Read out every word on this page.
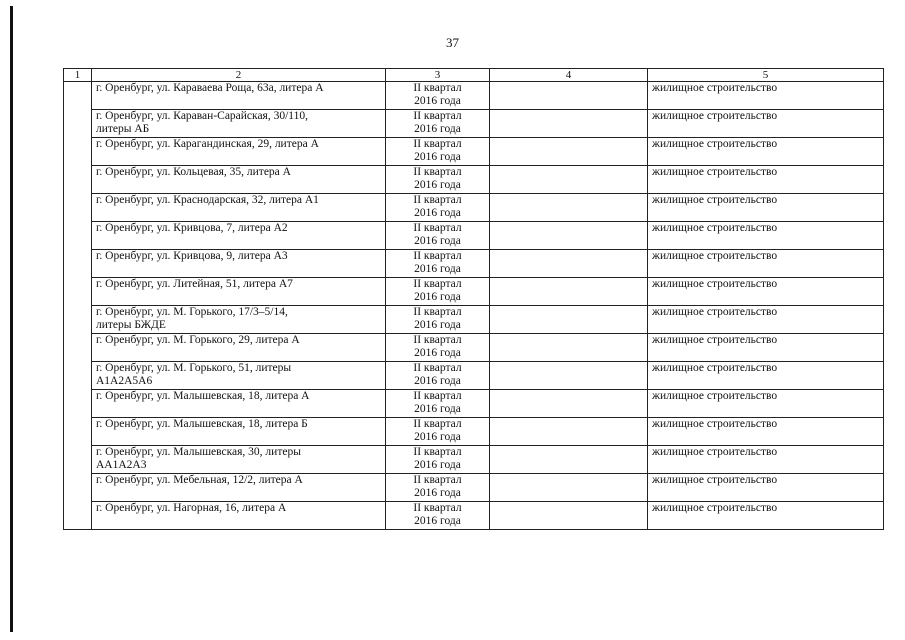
37
1	2	3	4	5
	г. Оренбург, ул. Караваева Роща, 63а, литера А	II квартал
2016 года		жилищное строительство
	г. Оренбург, ул. Караван-Сарайская, 30/110,
литеры АБ	II квартал
2016 года		жилищное строительство
	г. Оренбург, ул. Карагандинская, 29, литера А	II квартал
2016 года		жилищное строительство
	г. Оренбург, ул. Кольцевая, 35, литера А	II квартал
2016 года		жилищное строительство
	г. Оренбург, ул. Краснодарская, 32, литера А1	II квартал
2016 года		жилищное строительство
	г. Оренбург, ул. Кривцова, 7, литера А2	II квартал
2016 года		жилищное строительство
	г. Оренбург, ул. Кривцова, 9, литера А3	II квартал
2016 года		жилищное строительство
	г. Оренбург, ул. Литейная, 51, литера А7	II квартал
2016 года		жилищное строительство
	г. Оренбург, ул. М. Горького, 17/3–5/14,
литеры БЖДЕ	II квартал
2016 года		жилищное строительство
	г. Оренбург, ул. М. Горького, 29, литера А	II квартал
2016 года		жилищное строительство
	г. Оренбург, ул. М. Горького, 51, литеры
А1А2А5А6	II квартал
2016 года		жилищное строительство
	г. Оренбург, ул. Малышевская, 18, литера А	II квартал
2016 года		жилищное строительство
	г. Оренбург, ул. Малышевская, 18, литера Б	II квартал
2016 года		жилищное строительство
	г. Оренбург, ул. Малышевская, 30, литеры
АА1А2А3	II квартал
2016 года		жилищное строительство
	г. Оренбург, ул. Мебельная, 12/2, литера А	II квартал
2016 года		жилищное строительство
	г. Оренбург, ул. Нагорная, 16, литера А	II квартал
2016 года		жилищное строительство
